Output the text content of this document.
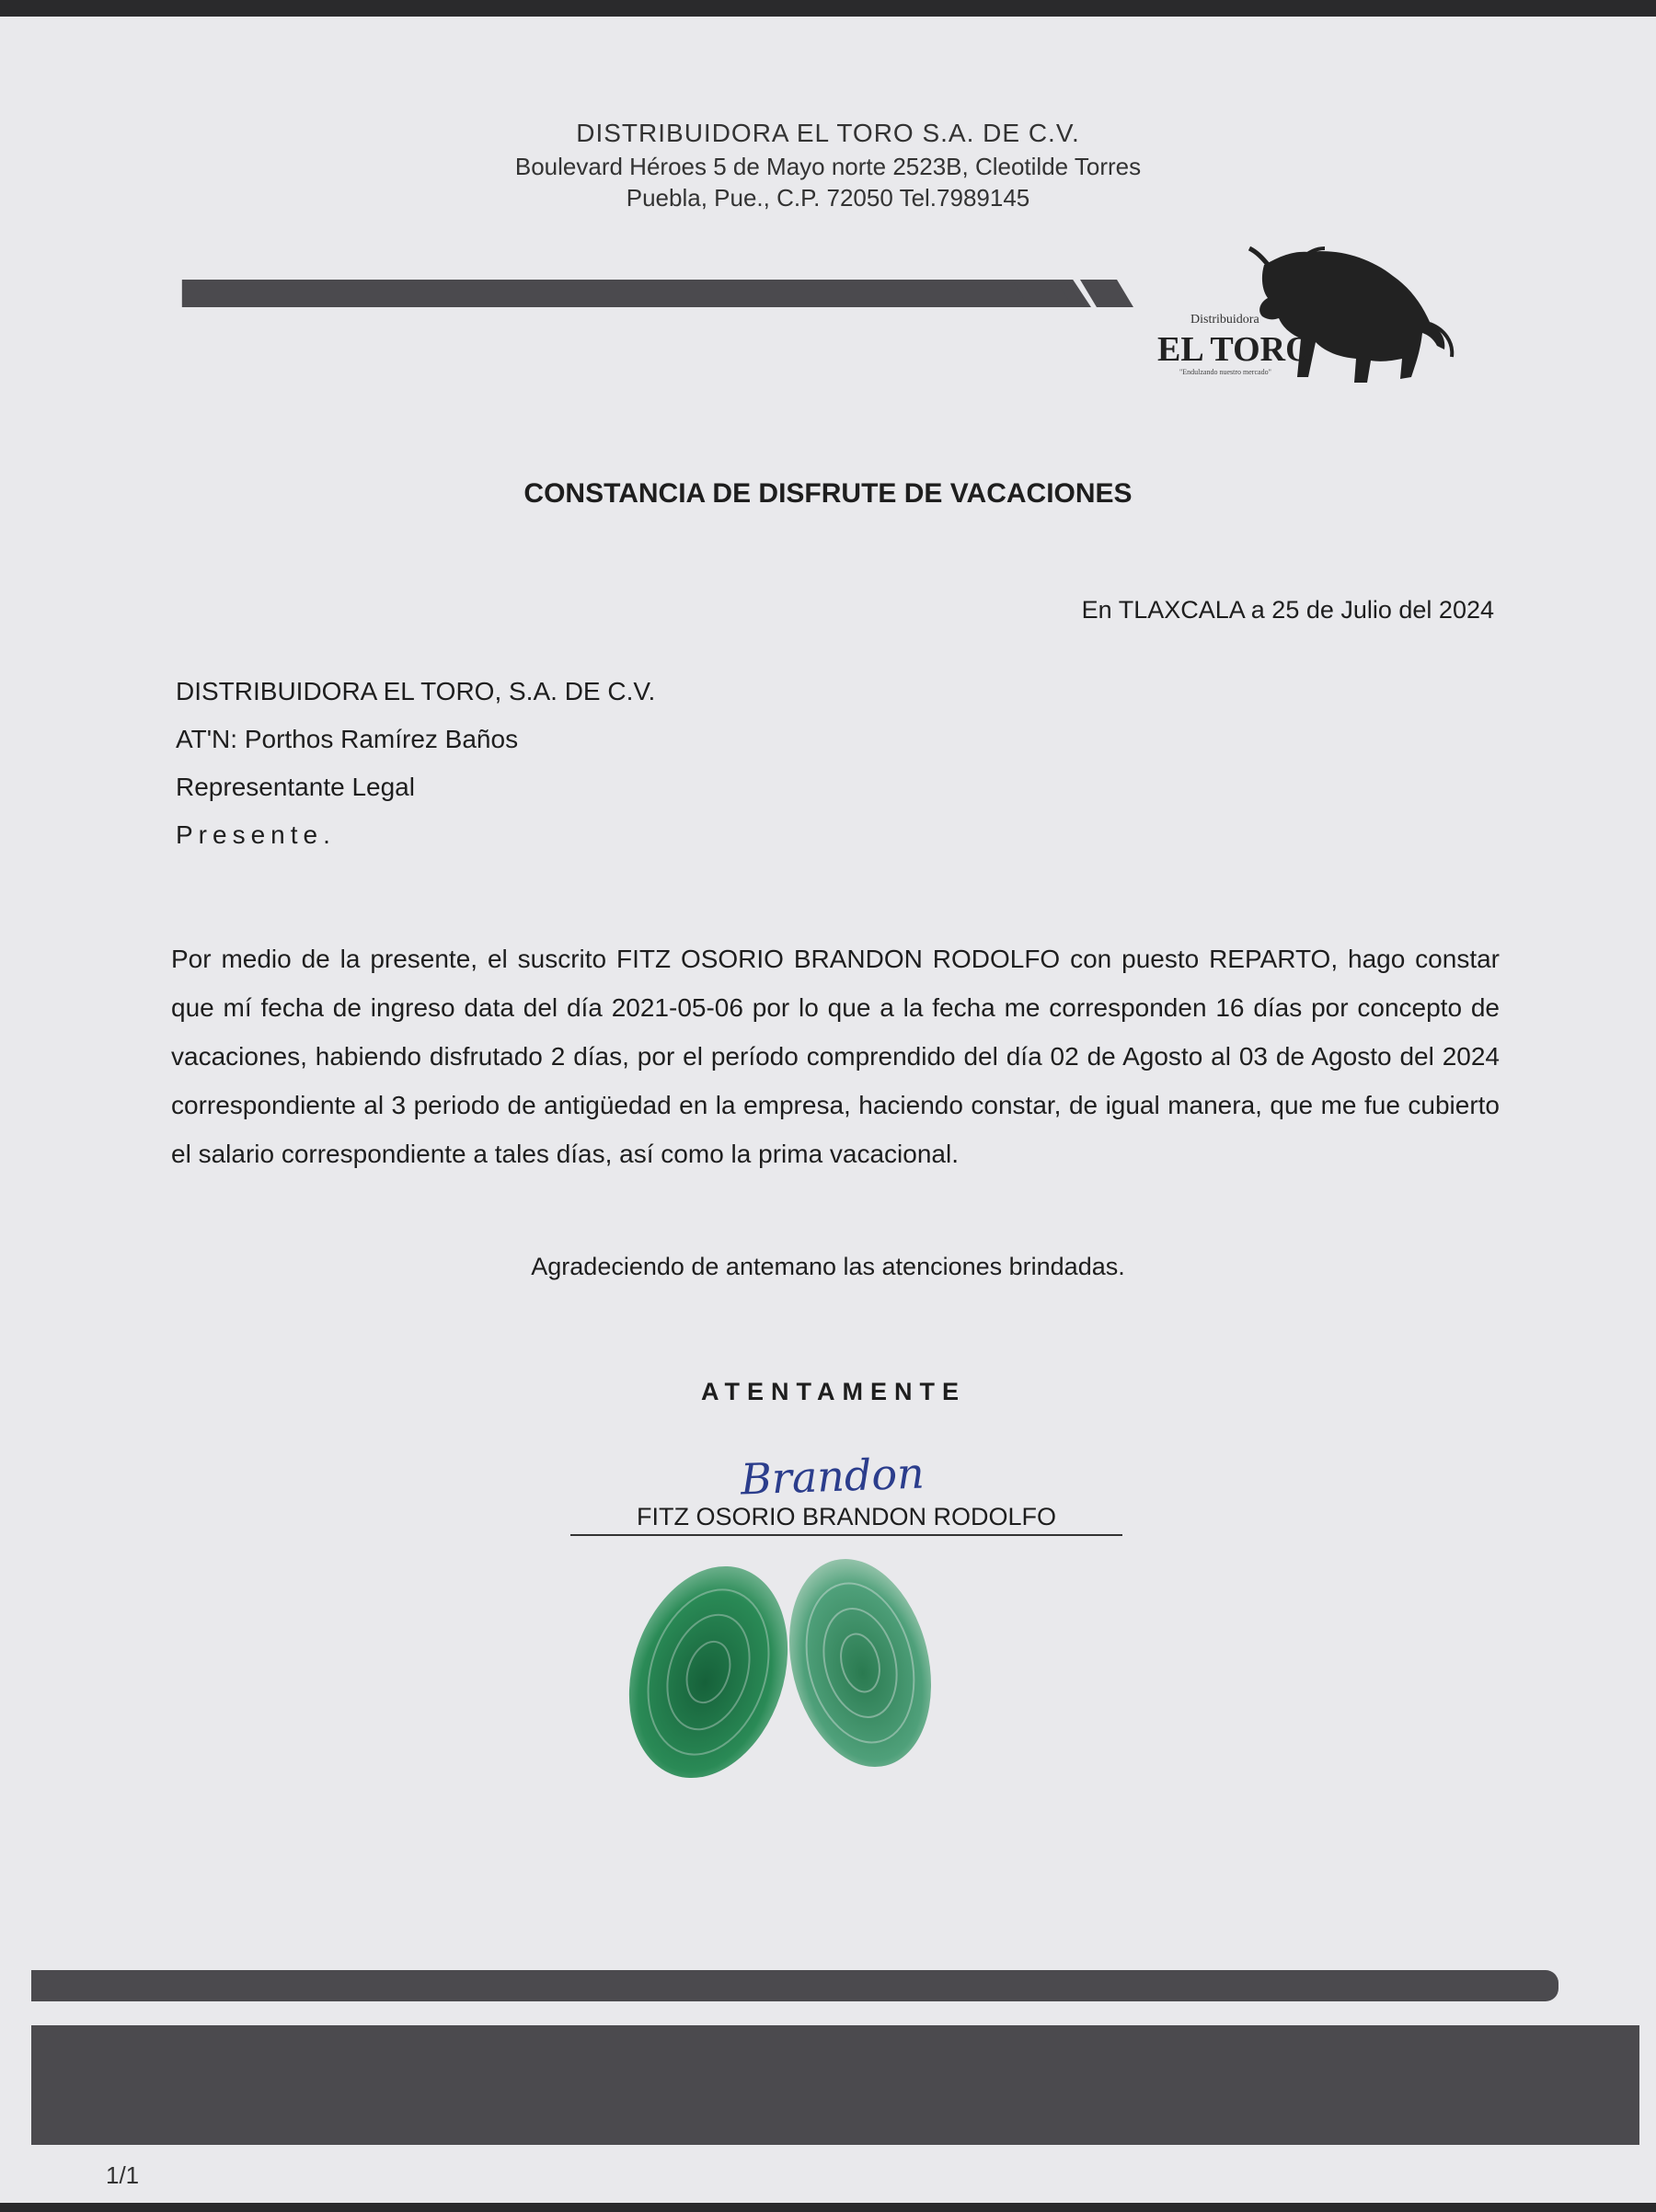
DISTRIBUIDORA EL TORO S.A. DE C.V.
Boulevard Héroes 5 de Mayo norte 2523B, Cleotilde Torres
Puebla, Pue., C.P. 72050 Tel.7989145
Distribuidora
EL TORO
"Endulzando nuestro mercado"
CONSTANCIA DE DISFRUTE DE VACACIONES
En TLAXCALA a 25 de Julio del 2024
DISTRIBUIDORA EL TORO, S.A. DE C.V.
AT'N: Porthos Ramírez Baños
Representante Legal
Presente.
Por medio de la presente, el suscrito FITZ OSORIO BRANDON RODOLFO con puesto REPARTO, hago constar que mí fecha de ingreso data del día 2021-05-06 por lo que a la fecha me corresponden 16 días por concepto de vacaciones, habiendo disfrutado 2 días, por el período comprendido del día 02 de Agosto al 03 de Agosto del 2024 correspondiente al 3 periodo de antigüedad en la empresa, haciendo constar, de igual manera, que me fue cubierto el salario correspondiente a tales días, así como la prima vacacional.
Agradeciendo de antemano las atenciones brindadas.
ATENTAMENTE
Brandon
FITZ OSORIO BRANDON RODOLFO
1/1
